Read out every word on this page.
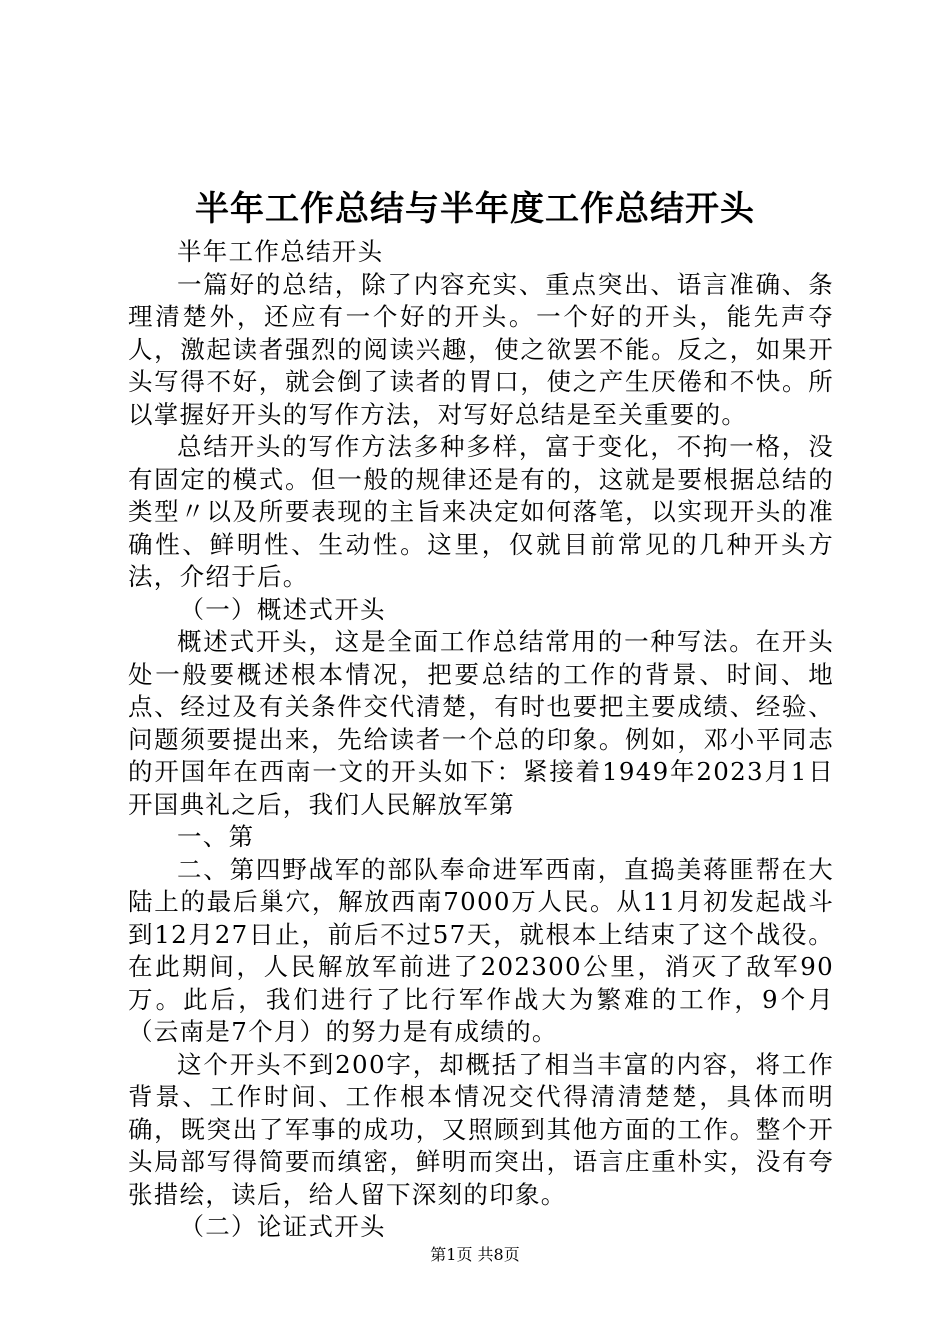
半年工作总结与半年度工作总结开头

半年工作总结开头

一篇好的总结，除了内容充实、重点突出、语言准确、条理清楚外，还应有一个好的开头。一个好的开头，能先声夺人，激起读者强烈的阅读兴趣，使之欲罢不能。反之，如果开头写得不好，就会倒了读者的胃口，使之产生厌倦和不快。所以掌握好开头的写作方法，对写好总结是至关重要的。

总结开头的写作方法多种多样，富于变化，不拘一格，没有固定的模式。但一般的规律还是有的，这就是要根据总结的类型〃以及所要表现的主旨来决定如何落笔，以实现开头的准确性、鲜明性、生动性。这里，仅就目前常见的几种开头方法，介绍于后。

（一）概述式开头

概述式开头，这是全面工作总结常用的一种写法。在开头处一般要概述根本情况，把要总结的工作的背景、时间、地点、经过及有关条件交代清楚，有时也要把主要成绩、经验、问题须要提出来，先给读者一个总的印象。例如，邓小平同志的开国年在西南一文的开头如下：紧接着1949年2023月1日开国典礼之后，我们人民解放军第

一、第

二、第四野战军的部队奉命进军西南，直捣美蒋匪帮在大陆上的最后巢穴，解放西南7000万人民。从11月初发起战斗到12月27日止，前后不过57天，就根本上结束了这个战役。在此期间，人民解放军前进了202300公里，消灭了敌军90万。此后，我们进行了比行军作战大为繁难的工作，9个月（云南是7个月）的努力是有成绩的。

这个开头不到200字，却概括了相当丰富的内容，将工作背景、工作时间、工作根本情况交代得清清楚楚，具体而明确，既突出了军事的成功，又照顾到其他方面的工作。整个开头局部写得简要而缜密，鲜明而突出，语言庄重朴实，没有夸张措绘，读后，给人留下深刻的印象。

（二）论证式开头

第1页 共8页
